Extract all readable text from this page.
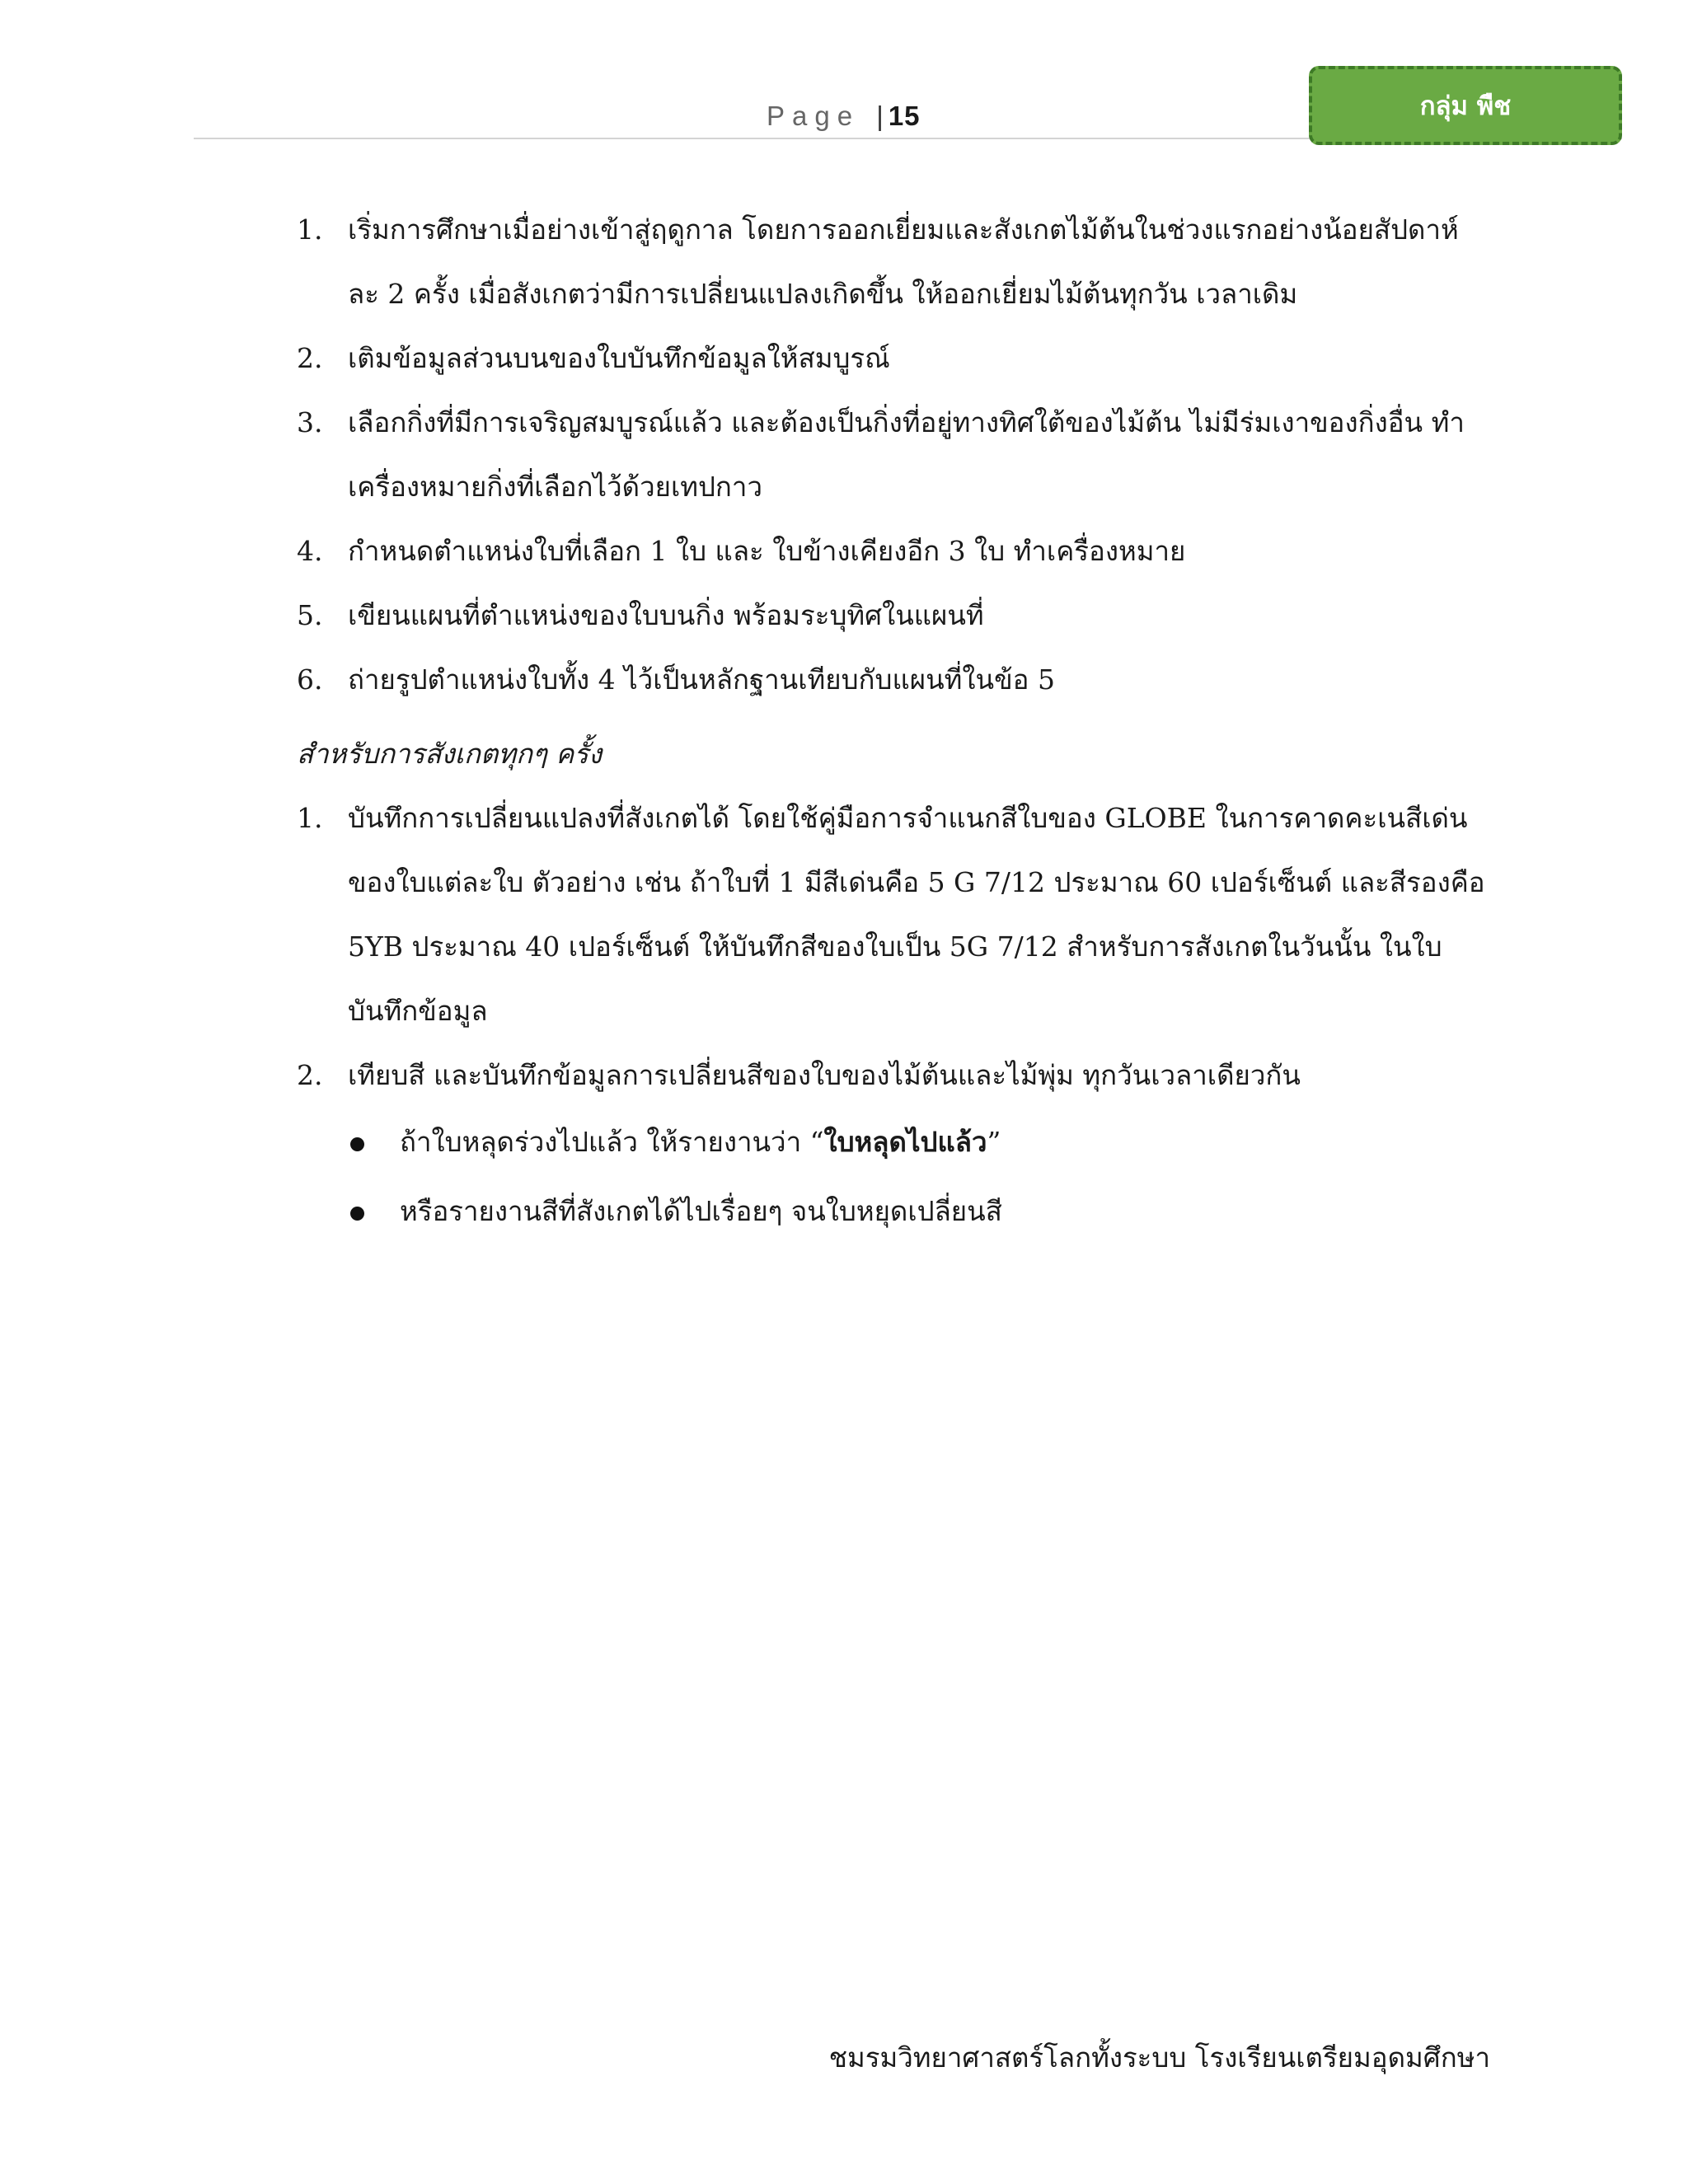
Page | 15	กลุ่ม พืช
1. เริ่มการศึกษาเมื่อย่างเข้าสู่ฤดูกาล โดยการออกเยี่ยมและสังเกตไม้ต้นในช่วงแรกอย่างน้อยสัปดาห์
ละ 2 ครั้ง เมื่อสังเกตว่ามีการเปลี่ยนแปลงเกิดขึ้น ให้ออกเยี่ยมไม้ต้นทุกวัน เวลาเดิม
2. เติมข้อมูลส่วนบนของใบบันทึกข้อมูลให้สมบูรณ์
3. เลือกกิ่งที่มีการเจริญสมบูรณ์แล้ว และต้องเป็นกิ่งที่อยู่ทางทิศใต้ของไม้ต้น ไม่มีร่มเงาของกิ่งอื่น ทำ
เครื่องหมายกิ่งที่เลือกไว้ด้วยเทปกาว
4. กำหนดตำแหน่งใบที่เลือก 1 ใบ และ ใบข้างเคียงอีก 3 ใบ ทำเครื่องหมาย
5. เขียนแผนที่ตำแหน่งของใบบนกิ่ง พร้อมระบุทิศในแผนที่
6. ถ่ายรูปตำแหน่งใบทั้ง 4 ไว้เป็นหลักฐานเทียบกับแผนที่ในข้อ 5
สำหรับการสังเกตทุกๆ ครั้ง
1. บันทึกการเปลี่ยนแปลงที่สังเกตได้ โดยใช้คู่มือการจำแนกสีใบของ GLOBE ในการคาดคะเนสีเด่น
ของใบแต่ละใบ ตัวอย่าง เช่น ถ้าใบที่ 1 มีสีเด่นคือ 5 G 7/12 ประมาณ 60 เปอร์เซ็นต์ และสีรองคือ
5YB ประมาณ 40 เปอร์เซ็นต์ ให้บันทึกสีของใบเป็น 5G 7/12 สำหรับการสังเกตในวันนั้น ในใบ
บันทึกข้อมูล
2. เทียบสี และบันทึกข้อมูลการเปลี่ยนสีของใบของไม้ต้นและไม้พุ่ม ทุกวันเวลาเดียวกัน
ถ้าใบหลุดร่วงไปแล้ว ให้รายงานว่า “ใบหลุดไปแล้ว”
หรือรายงานสีที่สังเกตได้ไปเรื่อยๆ จนใบหยุดเปลี่ยนสี
ชมรมวิทยาศาสตร์โลกทั้งระบบ โรงเรียนเตรียมอุดมศึกษา
